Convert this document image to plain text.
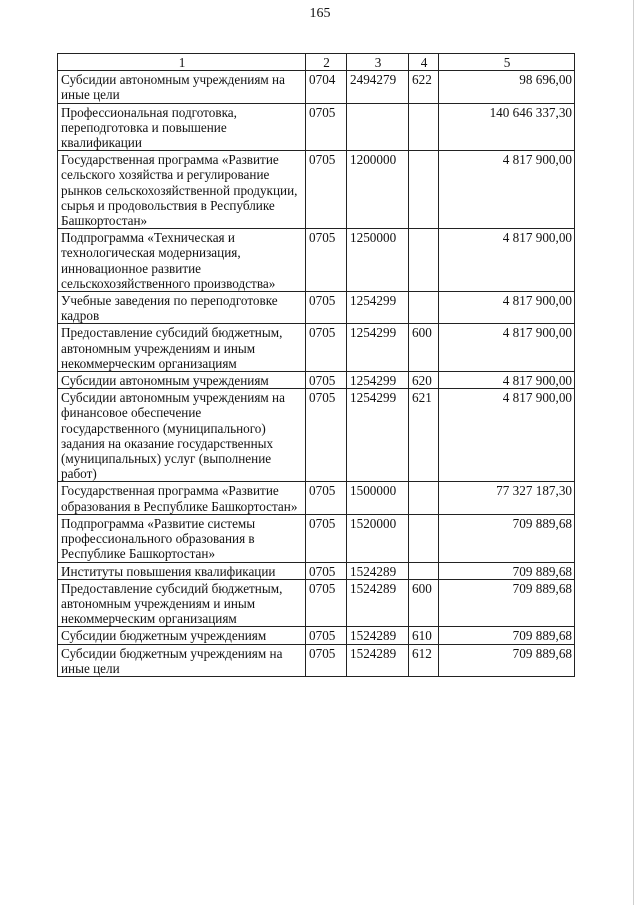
165
1	2	3	4	5
Субсидии автономным учреждениям на иные цели	0704	2494279	622	98 696,00
Профессиональная подготовка, переподготовка и повышение квалификации	0705			140 646 337,30
Государственная программа «Развитие сельского хозяйства и регулирование рынков сельскохозяйственной продукции, сырья и продовольствия в Республике Башкортостан»	0705	1200000		4 817 900,00
Подпрограмма «Техническая и технологическая модернизация, инновационное развитие сельскохозяйственного производства»	0705	1250000		4 817 900,00
Учебные заведения по переподготовке кадров	0705	1254299		4 817 900,00
Предоставление субсидий бюджетным, автономным учреждениям и иным некоммерческим организациям	0705	1254299	600	4 817 900,00
Субсидии автономным учреждениям	0705	1254299	620	4 817 900,00
Субсидии автономным учреждениям на финансовое обеспечение государственного (муниципального) задания на оказание государственных (муниципальных) услуг (выполнение работ)	0705	1254299	621	4 817 900,00
Государственная программа «Развитие образования в Республике Башкортостан»	0705	1500000		77 327 187,30
Подпрограмма «Развитие системы профессионального образования в Республике Башкортостан»	0705	1520000		709 889,68
Институты повышения квалификации	0705	1524289		709 889,68
Предоставление субсидий бюджетным, автономным учреждениям и иным некоммерческим организациям	0705	1524289	600	709 889,68
Субсидии бюджетным учреждениям	0705	1524289	610	709 889,68
Субсидии бюджетным учреждениям на иные цели	0705	1524289	612	709 889,68
